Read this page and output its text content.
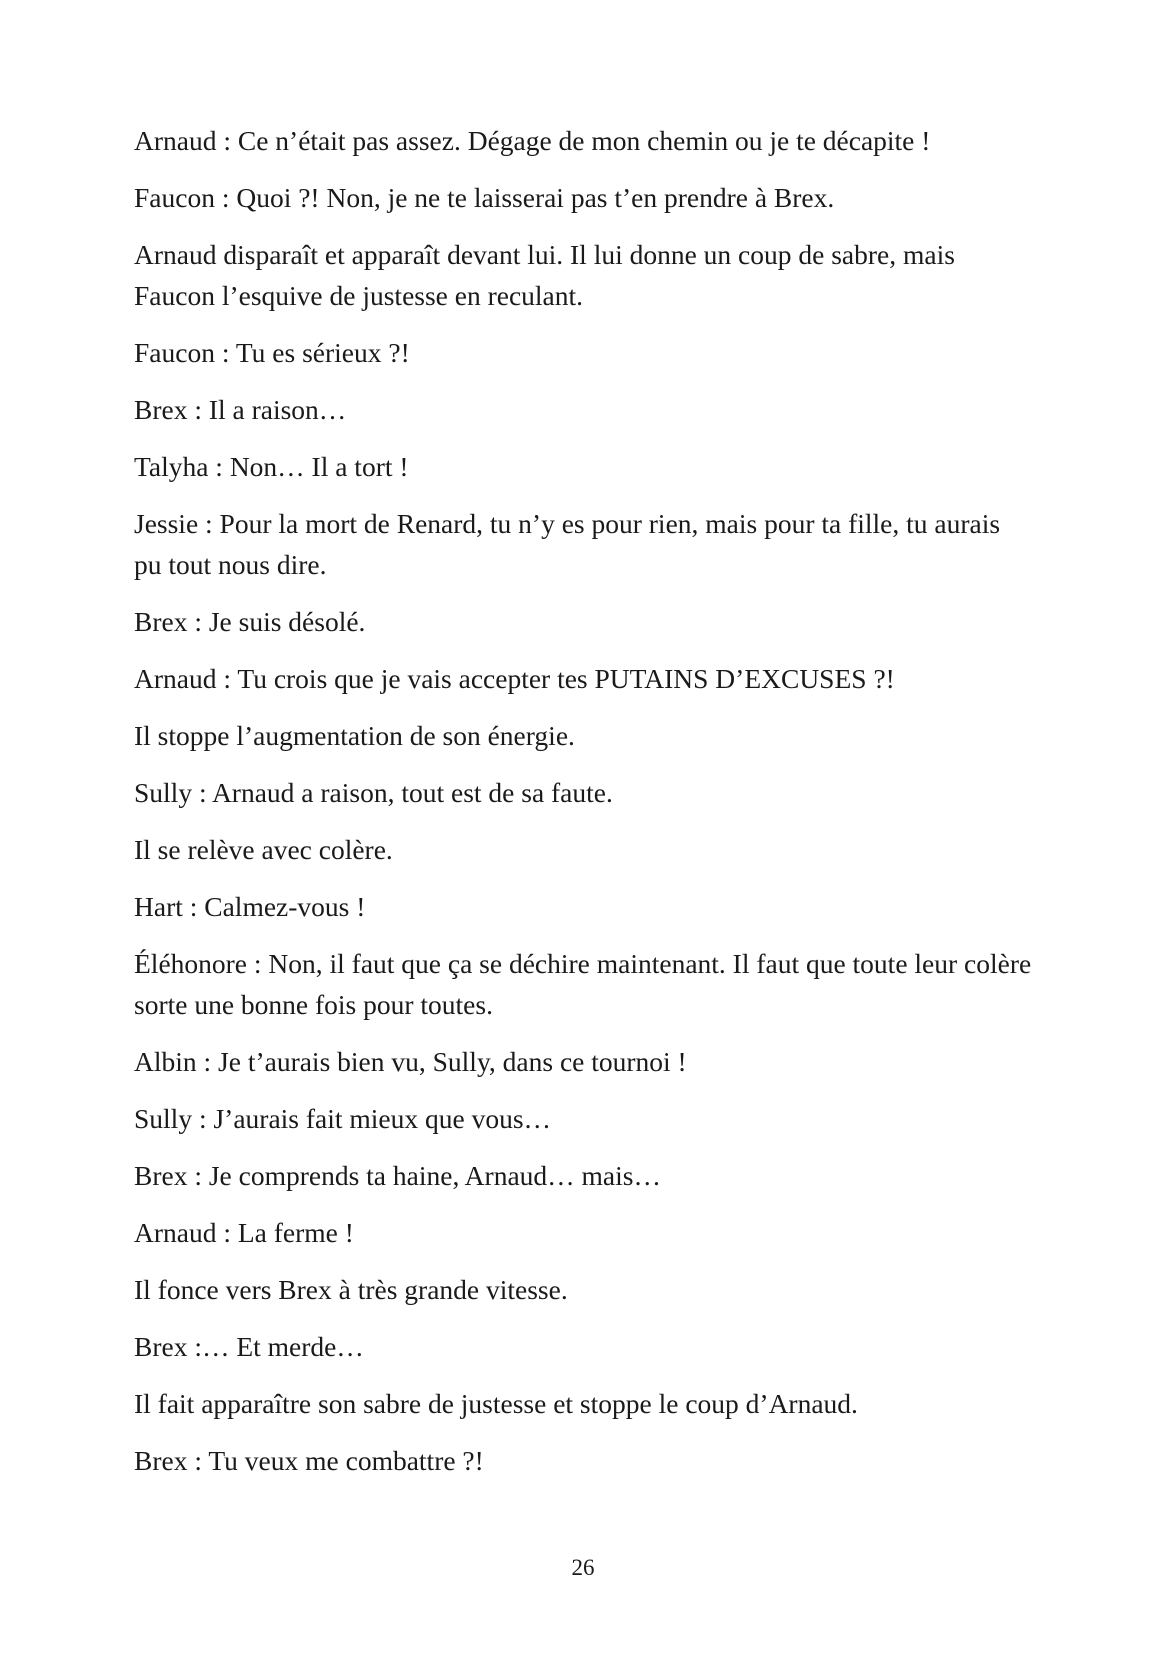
Arnaud : Ce n’était pas assez. Dégage de mon chemin ou je te décapite !

Faucon : Quoi ?! Non, je ne te laisserai pas t’en prendre à Brex.

Arnaud disparaît et apparaît devant lui. Il lui donne un coup de sabre, mais Faucon l’esquive de justesse en reculant.

Faucon : Tu es sérieux ?!

Brex : Il a raison…

Talyha : Non… Il a tort !

Jessie : Pour la mort de Renard, tu n’y es pour rien, mais pour ta fille, tu aurais pu tout nous dire.

Brex : Je suis désolé.

Arnaud : Tu crois que je vais accepter tes PUTAINS D’EXCUSES ?!

Il stoppe l’augmentation de son énergie.

Sully : Arnaud a raison, tout est de sa faute.

Il se relève avec colère.

Hart : Calmez-vous !

Éléhonore : Non, il faut que ça se déchire maintenant. Il faut que toute leur colère sorte une bonne fois pour toutes.

Albin : Je t’aurais bien vu, Sully, dans ce tournoi !

Sully : J’aurais fait mieux que vous…

Brex : Je comprends ta haine, Arnaud… mais…

Arnaud : La ferme !

Il fonce vers Brex à très grande vitesse.

Brex :… Et merde…

Il fait apparaître son sabre de justesse et stoppe le coup d’Arnaud.

Brex : Tu veux me combattre ?!

26
